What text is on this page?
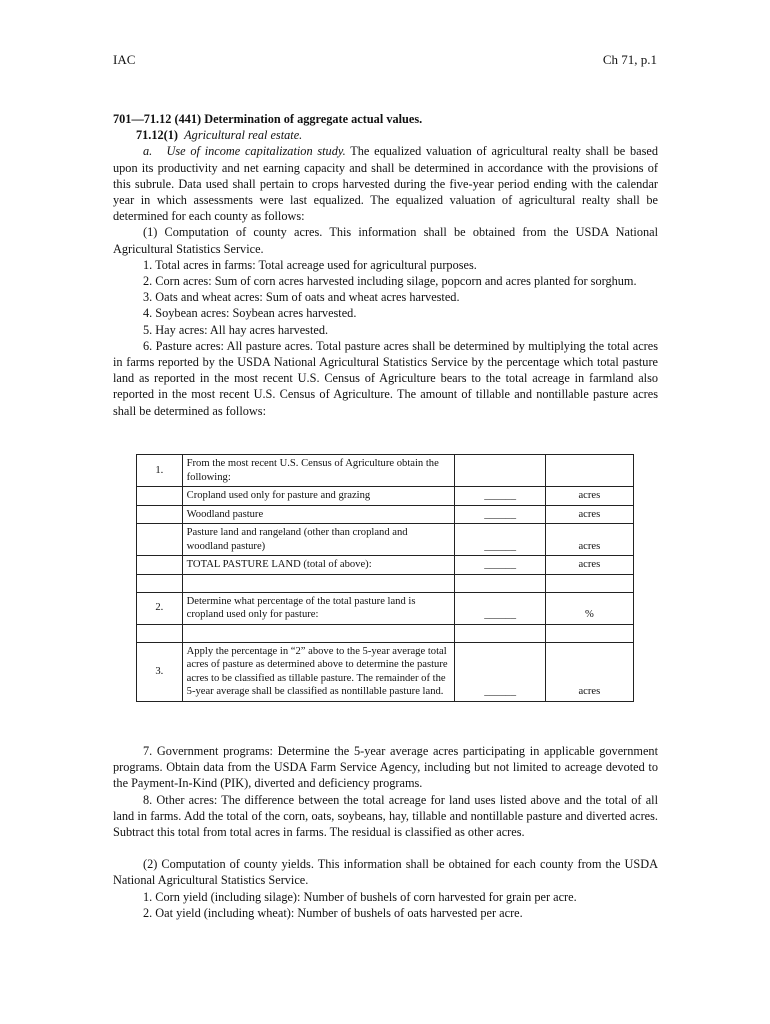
IAC	Ch 71, p.1

701—71.12 (441) Determination of aggregate actual values.

71.12(1) Agricultural real estate.

a. Use of income capitalization study. The equalized valuation of agricultural realty shall be based upon its productivity and net earning capacity and shall be determined in accordance with the provisions of this subrule. Data used shall pertain to crops harvested during the five-year period ending with the calendar year in which assessments were last equalized. The equalized valuation of agricultural realty shall be determined for each county as follows:

(1) Computation of county acres. This information shall be obtained from the USDA National Agricultural Statistics Service.

1. Total acres in farms: Total acreage used for agricultural purposes.

2. Corn acres: Sum of corn acres harvested including silage, popcorn and acres planted for sorghum.

3. Oats and wheat acres: Sum of oats and wheat acres harvested.

4. Soybean acres: Soybean acres harvested.

5. Hay acres: All hay acres harvested.

6. Pasture acres: All pasture acres. Total pasture acres shall be determined by multiplying the total acres in farms reported by the USDA National Agricultural Statistics Service by the percentage which total pasture land as reported in the most recent U.S. Census of Agriculture bears to the total acreage in farmland also reported in the most recent U.S. Census of Agriculture. The amount of tillable and nontillable pasture acres shall be determined as follows:

1.	From the most recent U.S. Census of Agriculture obtain the following:		
	Cropland used only for pasture and grazing	______	acres
	Woodland pasture	______	acres
	Pasture land and rangeland (other than cropland and woodland pasture)	______	acres
	TOTAL PASTURE LAND (total of above):	______	acres

2.	Determine what percentage of the total pasture land is cropland used only for pasture:	______	%

3.	Apply the percentage in “2” above to the 5-year average total acres of pasture as determined above to determine the pasture acres to be classified as tillable pasture. The remainder of the 5-year average shall be classified as nontillable pasture land.	______	acres

7. Government programs: Determine the 5-year average acres participating in applicable government programs. Obtain data from the USDA Farm Service Agency, including but not limited to acreage devoted to the Payment-In-Kind (PIK), diverted and deficiency programs.

8. Other acres: The difference between the total acreage for land uses listed above and the total of all land in farms. Add the total of the corn, oats, soybeans, hay, tillable and nontillable pasture and diverted acres. Subtract this total from total acres in farms. The residual is classified as other acres.

(2) Computation of county yields. This information shall be obtained for each county from the USDA National Agricultural Statistics Service.

1. Corn yield (including silage): Number of bushels of corn harvested for grain per acre.

2. Oat yield (including wheat): Number of bushels of oats harvested per acre.
